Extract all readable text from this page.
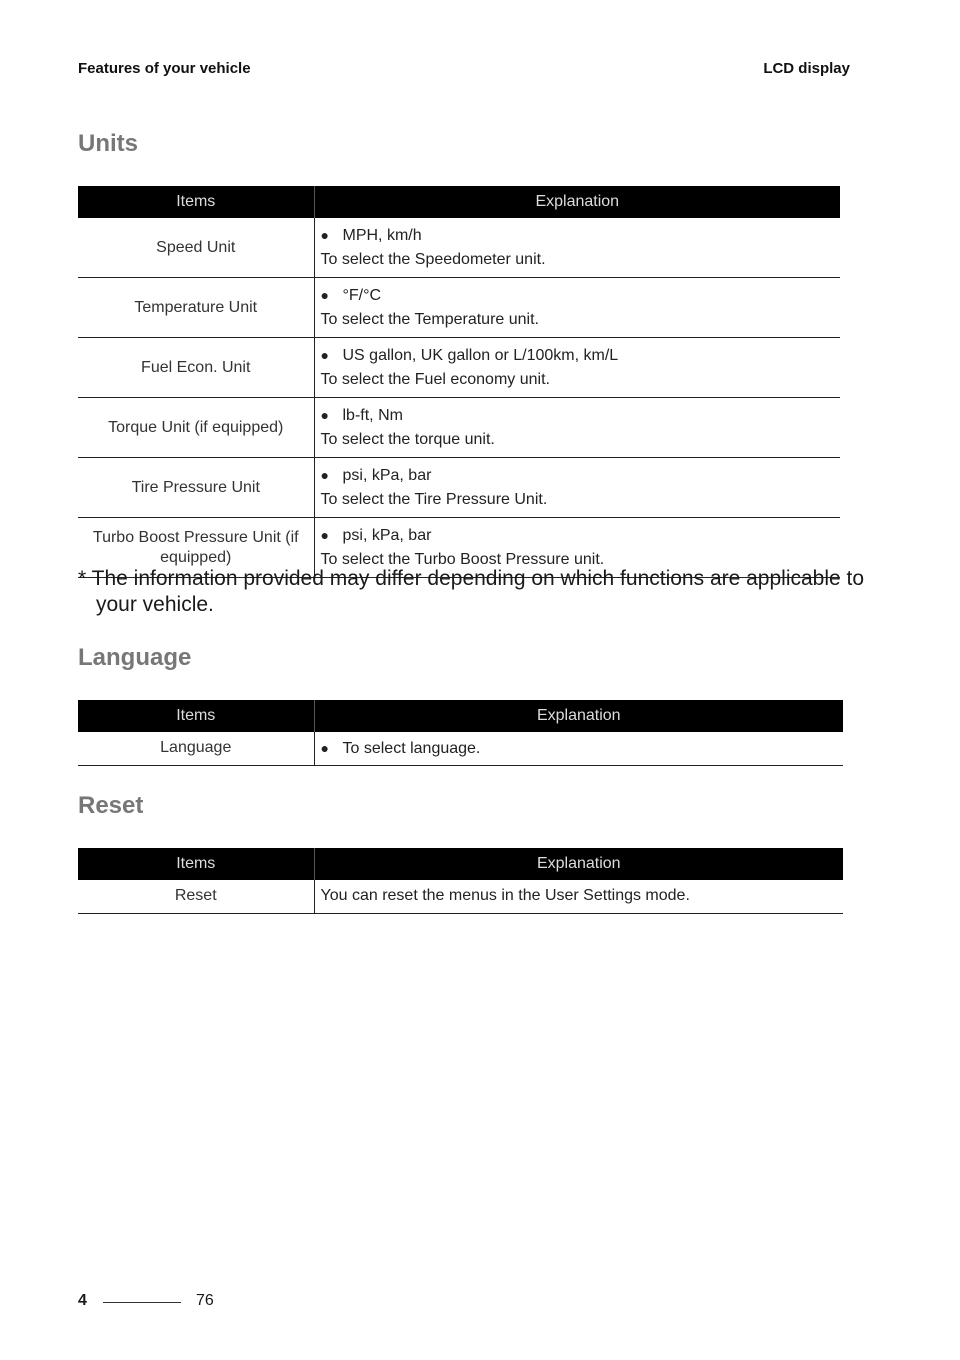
Features of your vehicle	LCD display
Units
Items	Explanation
Speed Unit	● MPH, km/h
To select the Speedometer unit.

Temperature Unit	● °F/°C
To select the Temperature unit.

Fuel Econ. Unit	● US gallon, UK gallon or L/100km, km/L
To select the Fuel economy unit.

Torque Unit (if equipped)	● lb-ft, Nm
To select the torque unit.

Tire Pressure Unit	● psi, kPa, bar
To select the Tire Pressure Unit.

Turbo Boost Pressure Unit (if equipped)	● psi, kPa, bar
To select the Turbo Boost Pressure unit.

* The information provided may differ depending on which functions are applicable to your vehicle.

Language
Items	Explanation
Language	● To select language.
Reset
Items	Explanation
Reset	You can reset the menus in the User Settings mode.
4	76
